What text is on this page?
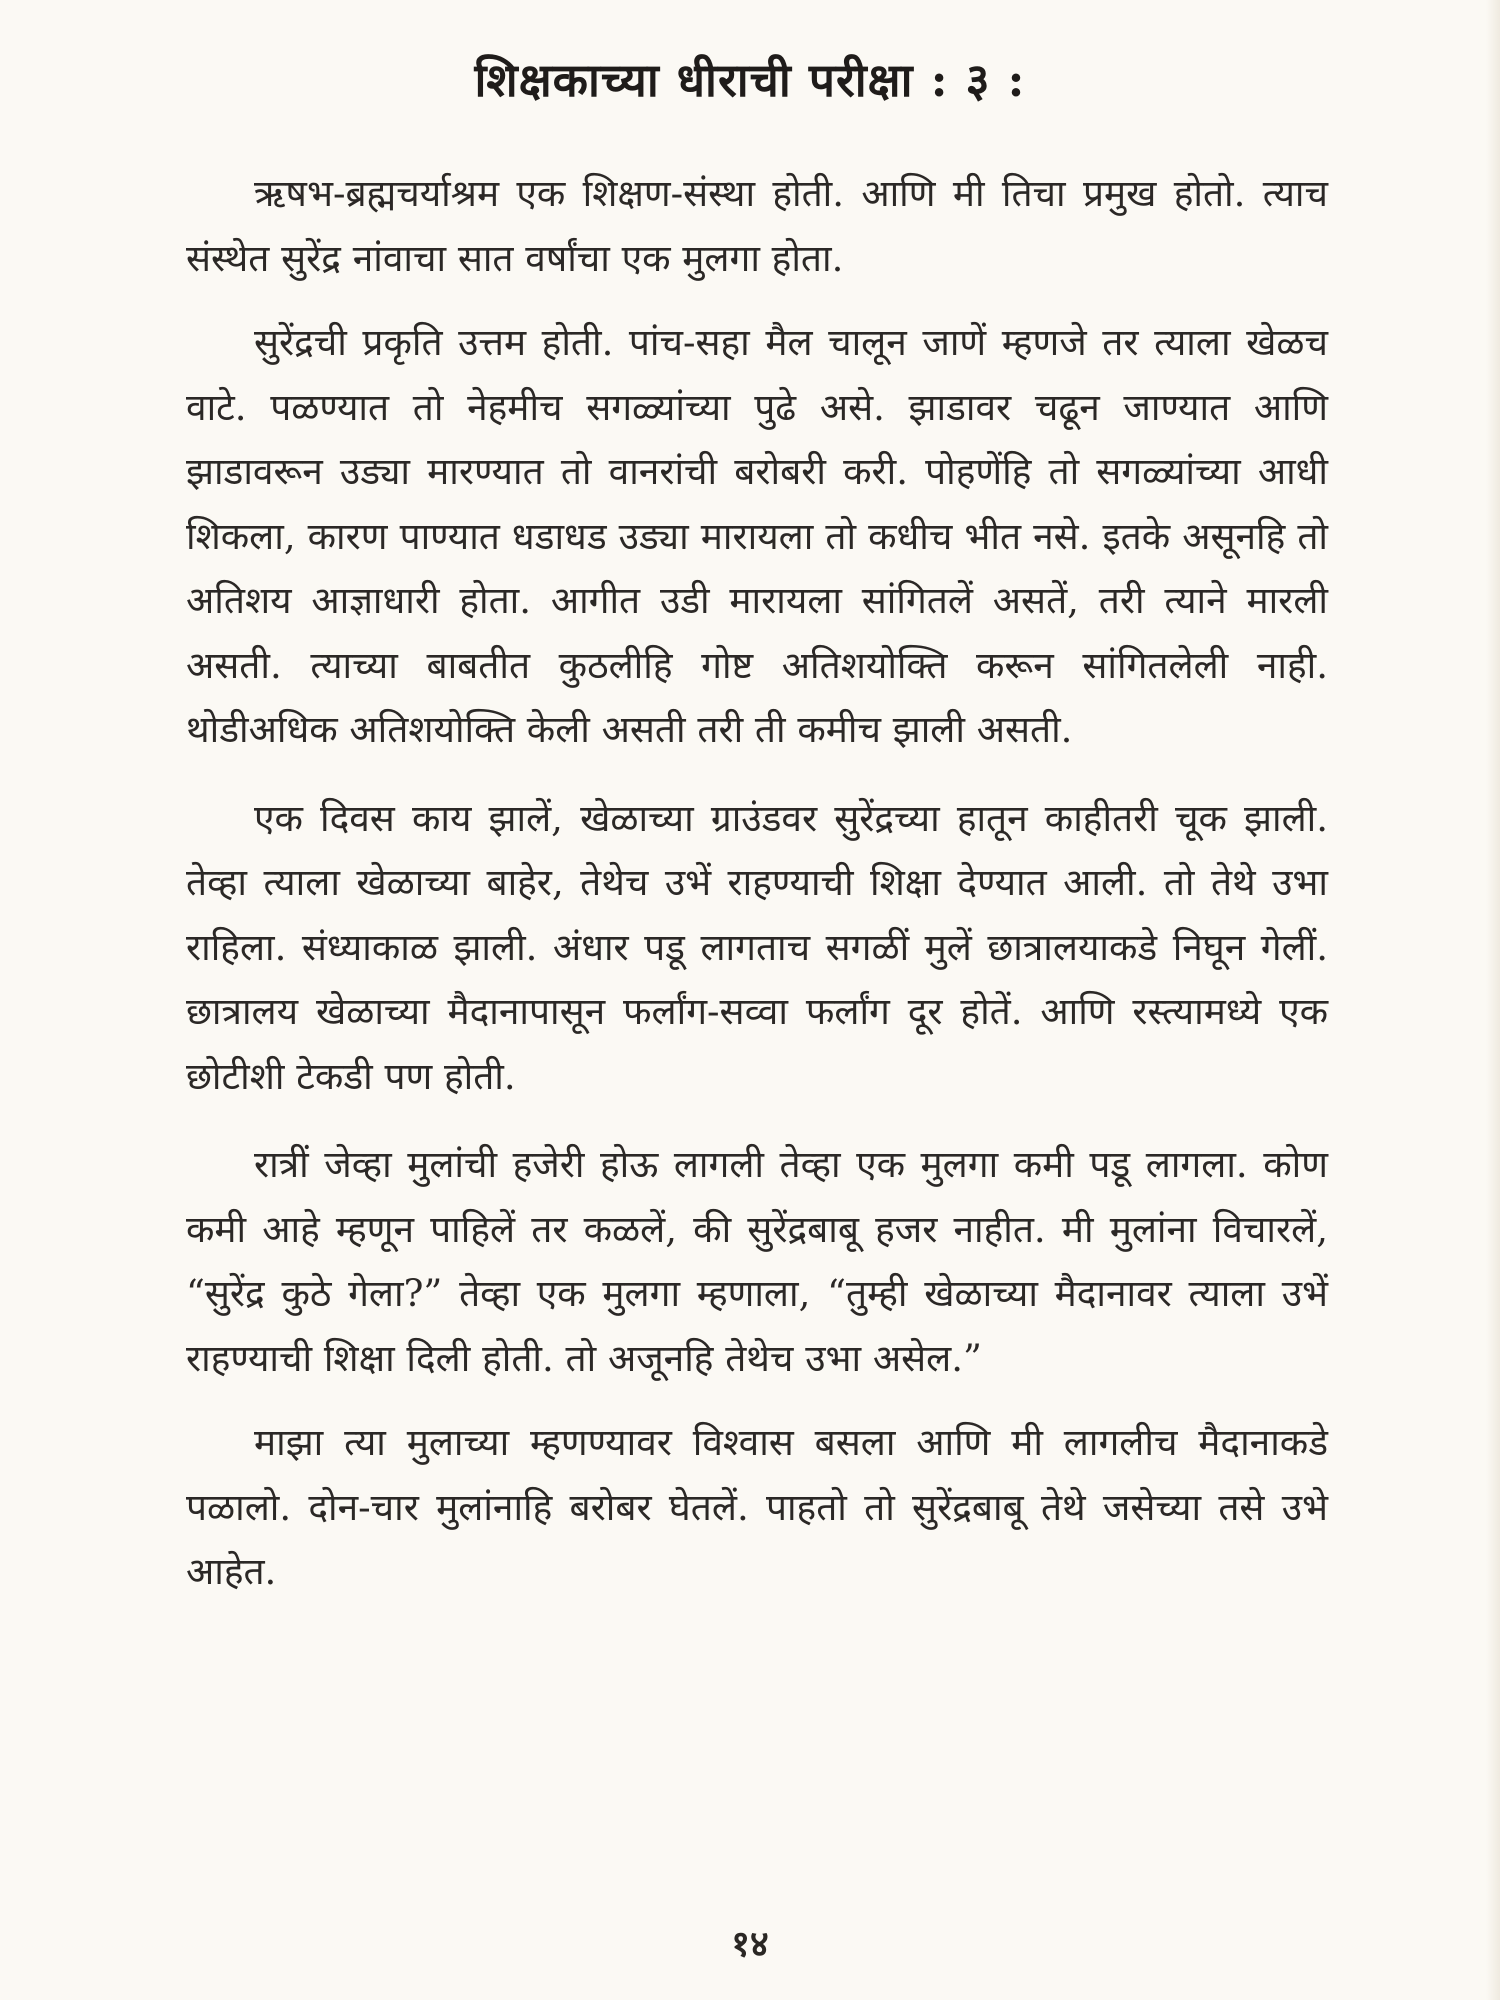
शिक्षकाच्या धीराची परीक्षा : ३ :

ऋषभ-ब्रह्मचर्याश्रम एक शिक्षण-संस्था होती. आणि मी तिचा प्रमुख होतो. त्याच संस्थेत सुरेंद्र नांवाचा सात वर्षांचा एक मुलगा होता.

सुरेंद्रची प्रकृति उत्तम होती. पांच-सहा मैल चालून जाणें म्हणजे तर त्याला खेळच वाटे. पळण्यात तो नेहमीच सगळ्यांच्या पुढे असे. झाडावर चढून जाण्यात आणि झाडावरून उड्या मारण्यात तो वानरांची बरोबरी करी. पोहणेंहि तो सगळ्यांच्या आधी शिकला, कारण पाण्यात धडाधड उड्या मारायला तो कधीच भीत नसे. इतके असूनहि तो अतिशय आज्ञाधारी होता. आगीत उडी मारायला सांगितलें असतें, तरी त्याने मारली असती. त्याच्या बाबतीत कुठलीहि गोष्ट अतिशयोक्ति करून सांगितलेली नाही. थोडीअधिक अतिशयोक्ति केली असती तरी ती कमीच झाली असती.

एक दिवस काय झालें, खेळाच्या ग्राउंडवर सुरेंद्रच्या हातून काहीतरी चूक झाली. तेव्हा त्याला खेळाच्या बाहेर, तेथेच उभें राहण्याची शिक्षा देण्यात आली. तो तेथे उभा राहिला. संध्याकाळ झाली. अंधार पडू लागताच सगळीं मुलें छात्रालयाकडे निघून गेलीं. छात्रालय खेळाच्या मैदानापासून फर्लांग-सव्वा फर्लांग दूर होतें. आणि रस्त्यामध्ये एक छोटीशी टेकडी पण होती.

रात्रीं जेव्हा मुलांची हजेरी होऊ लागली तेव्हा एक मुलगा कमी पडू लागला. कोण कमी आहे म्हणून पाहिलें तर कळलें, की सुरेंद्रबाबू हजर नाहीत. मी मुलांना विचारलें, “सुरेंद्र कुठे गेला?” तेव्हा एक मुलगा म्हणाला, “तुम्ही खेळाच्या मैदानावर त्याला उभें राहण्याची शिक्षा दिली होती. तो अजूनहि तेथेच उभा असेल.”

माझा त्या मुलाच्या म्हणण्यावर विश्वास बसला आणि मी लागलीच मैदानाकडे पळालो. दोन-चार मुलांनाहि बरोबर घेतलें. पाहतो तो सुरेंद्रबाबू तेथे जसेच्या तसे उभे आहेत.

१४
